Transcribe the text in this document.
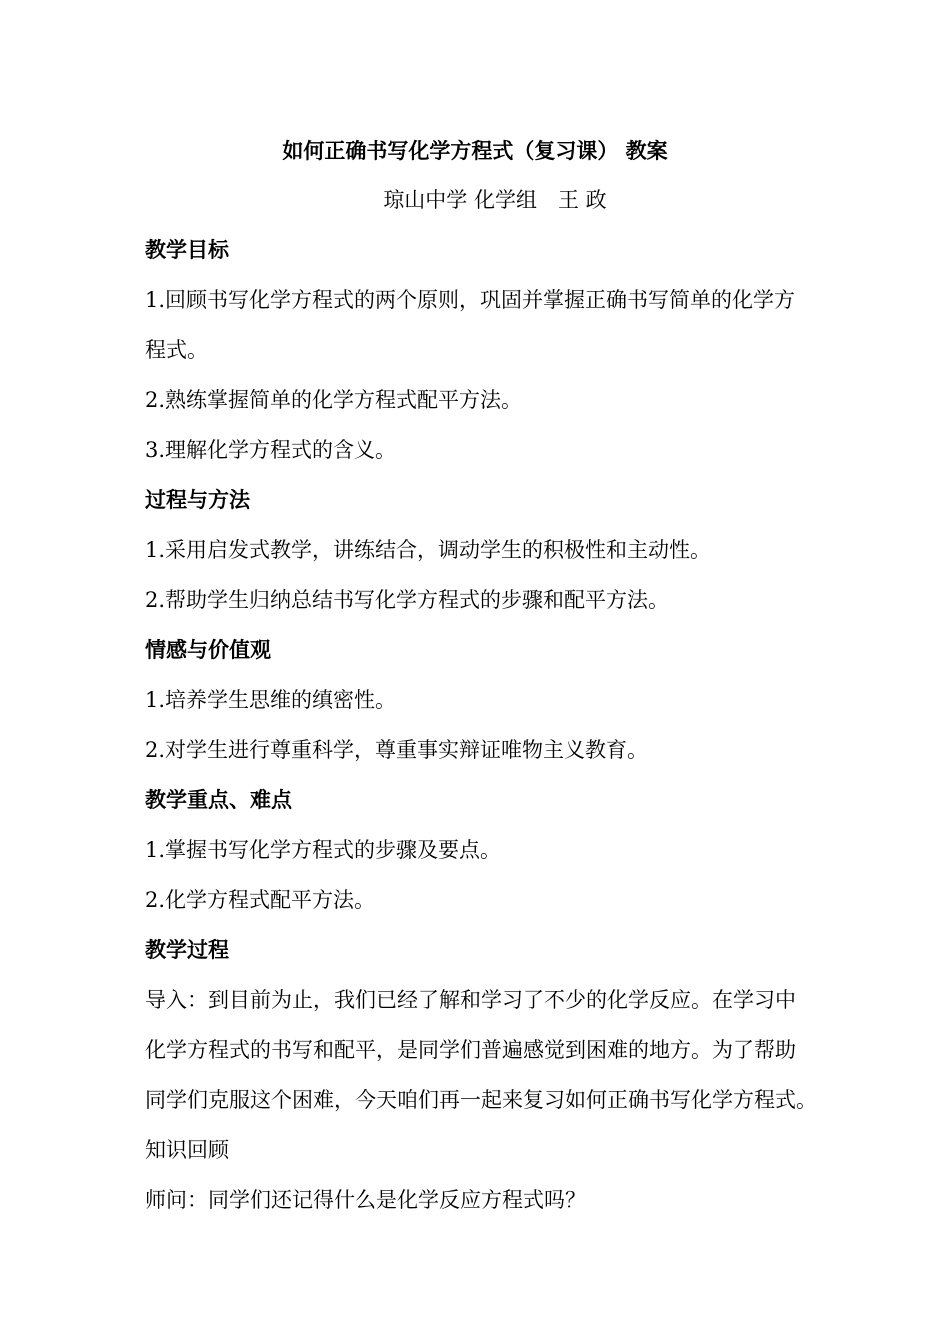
如何正确书写化学方程式（复习课） 教案
琼山中学 化学组　王 政
教学目标
1.回顾书写化学方程式的两个原则，巩固并掌握正确书写简单的化学方
程式。
2.熟练掌握简单的化学方程式配平方法。
3.理解化学方程式的含义。
过程与方法
1.采用启发式教学，讲练结合，调动学生的积极性和主动性。
2.帮助学生归纳总结书写化学方程式的步骤和配平方法。
情感与价值观
1.培养学生思维的缜密性。
2.对学生进行尊重科学，尊重事实辩证唯物主义教育。
教学重点、难点
1.掌握书写化学方程式的步骤及要点。
2.化学方程式配平方法。
教学过程
导入：到目前为止，我们已经了解和学习了不少的化学反应。在学习中
化学方程式的书写和配平，是同学们普遍感觉到困难的地方。为了帮助
同学们克服这个困难，今天咱们再一起来复习如何正确书写化学方程式。
知识回顾
师问：同学们还记得什么是化学反应方程式吗？
